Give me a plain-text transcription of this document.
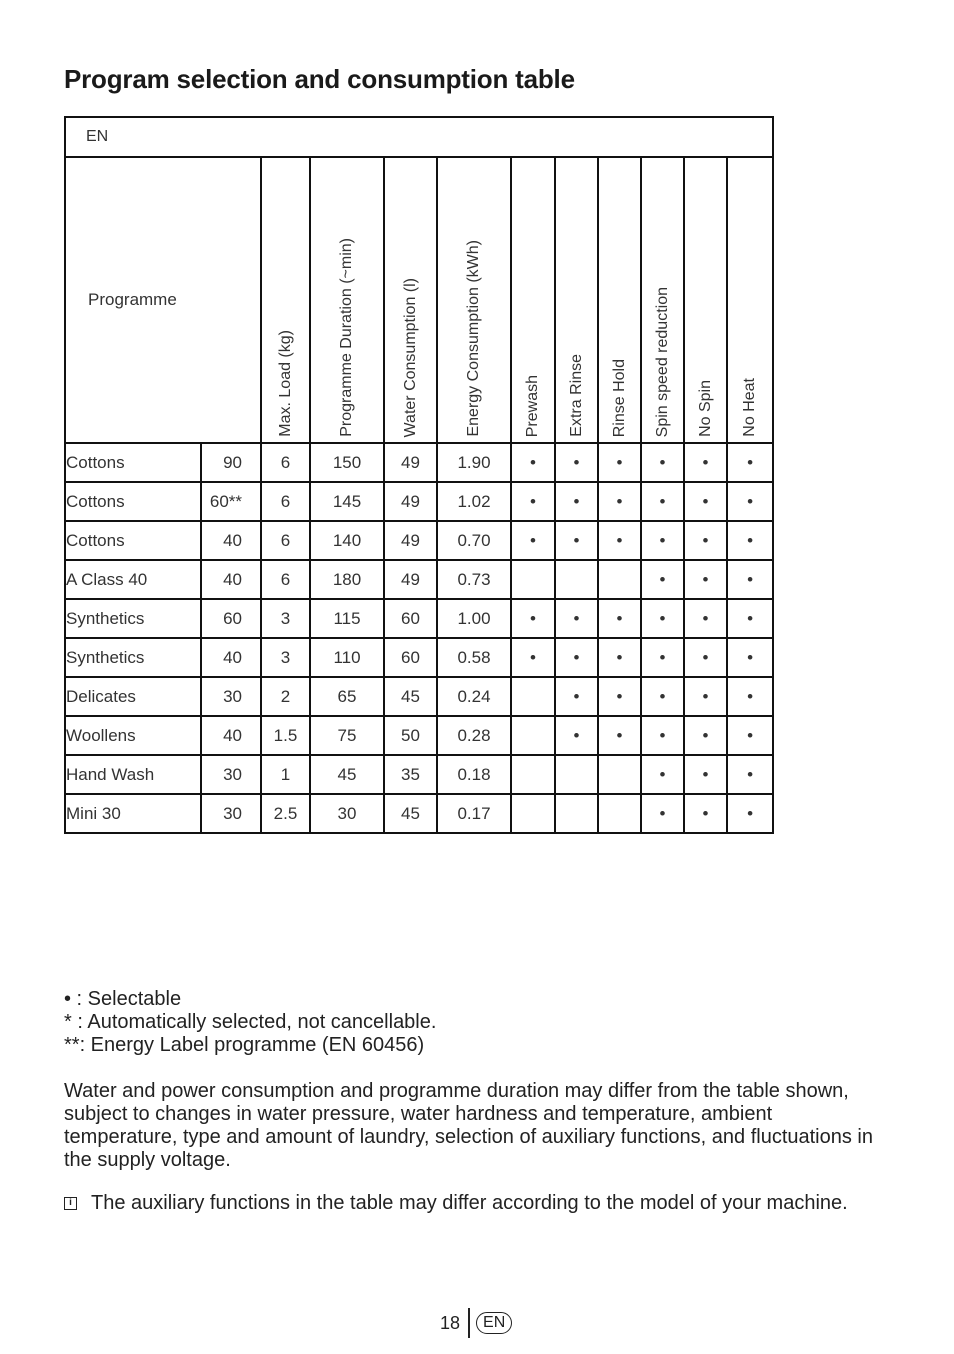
Program selection and consumption table
EN											
Programme		Max. Load (kg)	Programme Duration (~min)	Water Consumption (l)	Energy Consumption (kWh)	Prewash	Extra Rinse	Rinse Hold	Spin speed reduction	No Spin	No Heat
Cottons	90	6	150	49	1.90	•	•	•	•	•	•
Cottons	60**	6	145	49	1.02	•	•	•	•	•	•
Cottons	40	6	140	49	0.70	•	•	•	•	•	•
A Class 40	40	6	180	49	0.73				•	•	•
Synthetics	60	3	115	60	1.00	•	•	•	•	•	•
Synthetics	40	3	110	60	0.58	•	•	•	•	•	•
Delicates	30	2	65	45	0.24		•	•	•	•	•
Woollens	40	1.5	75	50	0.28		•	•	•	•	•
Hand Wash	30	1	45	35	0.18				•	•	•
Mini 30	30	2.5	30	45	0.17				•	•	•

• : Selectable

* : Automatically selected, not cancellable.

**: Energy Label programme (EN 60456)

Water and power consumption and programme duration may differ from the table shown, subject to changes in water pressure, water hardness and temperature, ambient temperature, type and amount of laundry, selection of auxiliary functions, and fluctuations in the supply voltage.

i The auxiliary functions in the table may differ according to the model of your machine.
18	EN
